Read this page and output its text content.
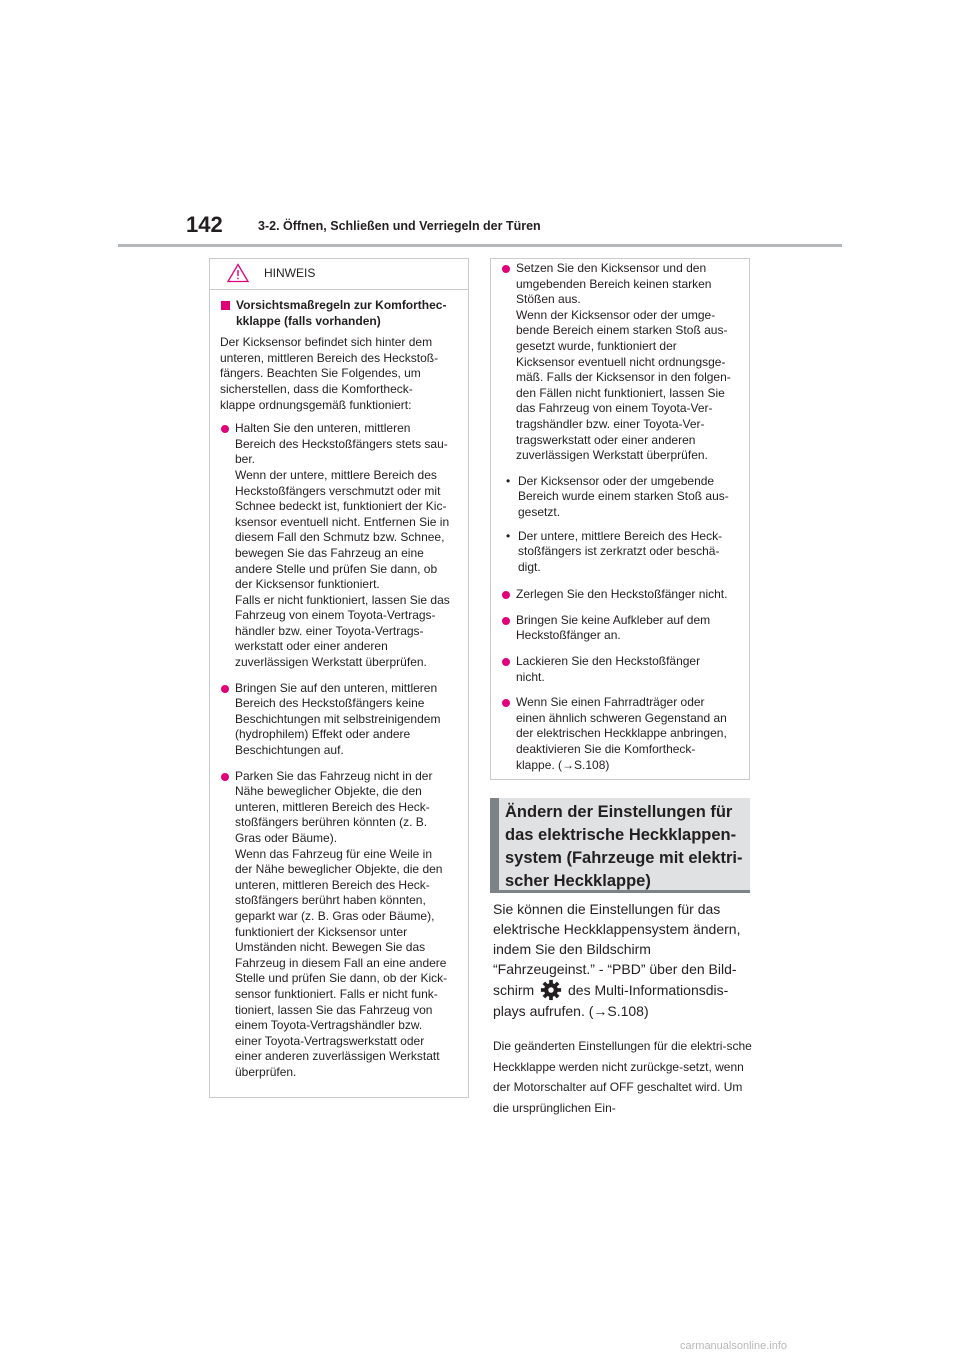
142	3-2. Öffnen, Schließen und Verriegeln der Türen
HINWEIS
Vorsichtsmaßregeln zur Komforthec-
kklappe (falls vorhanden)
Der Kicksensor befindet sich hinter dem
unteren, mittleren Bereich des Heckstoß-
fängers. Beachten Sie Folgendes, um
sicherstellen, dass die Komfortheck-
klappe ordnungsgemäß funktioniert:
Halten Sie den unteren, mittleren
Bereich des Heckstoßfängers stets sau-
ber.
Wenn der untere, mittlere Bereich des
Heckstoßfängers verschmutzt oder mit
Schnee bedeckt ist, funktioniert der Kic-
ksensor eventuell nicht. Entfernen Sie in
diesem Fall den Schmutz bzw. Schnee,
bewegen Sie das Fahrzeug an eine
andere Stelle und prüfen Sie dann, ob
der Kicksensor funktioniert.
Falls er nicht funktioniert, lassen Sie das
Fahrzeug von einem Toyota-Vertrags-
händler bzw. einer Toyota-Vertrags-
werkstatt oder einer anderen
zuverlässigen Werkstatt überprüfen.
Bringen Sie auf den unteren, mittleren
Bereich des Heckstoßfängers keine
Beschichtungen mit selbstreinigendem
(hydrophilem) Effekt oder andere
Beschichtungen auf.
Parken Sie das Fahrzeug nicht in der
Nähe beweglicher Objekte, die den
unteren, mittleren Bereich des Heck-
stoßfängers berühren könnten (z. B.
Gras oder Bäume).
Wenn das Fahrzeug für eine Weile in
der Nähe beweglicher Objekte, die den
unteren, mittleren Bereich des Heck-
stoßfängers berührt haben könnten,
geparkt war (z. B. Gras oder Bäume),
funktioniert der Kicksensor unter
Umständen nicht. Bewegen Sie das
Fahrzeug in diesem Fall an eine andere
Stelle und prüfen Sie dann, ob der Kick-
sensor funktioniert. Falls er nicht funk-
tioniert, lassen Sie das Fahrzeug von
einem Toyota-Vertragshändler bzw.
einer Toyota-Vertragswerkstatt oder
einer anderen zuverlässigen Werkstatt
überprüfen.
Setzen Sie den Kicksensor und den
umgebenden Bereich keinen starken
Stößen aus.
Wenn der Kicksensor oder der umge-
bende Bereich einem starken Stoß aus-
gesetzt wurde, funktioniert der
Kicksensor eventuell nicht ordnungsge-
mäß. Falls der Kicksensor in den folgen-
den Fällen nicht funktioniert, lassen Sie
das Fahrzeug von einem Toyota-Ver-
tragshändler bzw. einer Toyota-Ver-
tragswerkstatt oder einer anderen
zuverlässigen Werkstatt überprüfen.
• Der Kicksensor oder der umgebende
Bereich wurde einem starken Stoß aus-
gesetzt.
• Der untere, mittlere Bereich des Heck-
stoßfängers ist zerkratzt oder beschä-
digt.
Zerlegen Sie den Heckstoßfänger nicht.
Bringen Sie keine Aufkleber auf dem
Heckstoßfänger an.
Lackieren Sie den Heckstoßfänger
nicht.
Wenn Sie einen Fahrradträger oder
einen ähnlich schweren Gegenstand an
der elektrischen Heckklappe anbringen,
deaktivieren Sie die Komfortheck-
klappe. (→S.108)
Ändern der Einstellungen für
das elektrische Heckklappen-
system (Fahrzeuge mit elektri-
scher Heckklappe)
Sie können die Einstellungen für das elektrische Heckklappensystem ändern, indem Sie den Bildschirm “Fahrzeugeinst.” - “PBD” über den Bild-schirm des Multi-Informationsdis-plays aufrufen. (→S.108)
Die geänderten Einstellungen für die elektri-sche Heckklappe werden nicht zurückge-setzt, wenn der Motorschalter auf OFF geschaltet wird. Um die ursprünglichen Ein-
carmanualsonline.info
